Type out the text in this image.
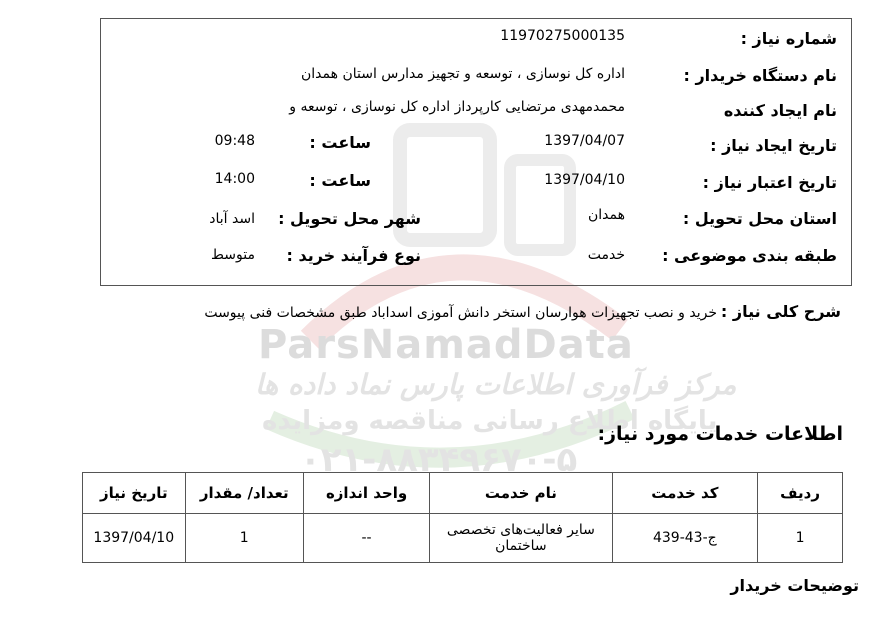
ParsNamadData
مرکز فرآوری اطلاعات پارس نماد داده ها
پایگاه اطلاع رسانی مناقصه ومزایده
۰۲۱-۸۸۳۴۹۶۷۰-۵
شماره نیاز :
11970275000135
نام دستگاه خریدار :
اداره کل نوسازی ، توسعه و تجهیز مدارس استان همدان
نام ایجاد کننده
محمدمهدی مرتضایی کارپرداز اداره کل نوسازی ، توسعه و
تاریخ ایجاد نیاز :
1397/04/07
ساعت :
09:48
تاریخ اعتبار نیاز :
1397/04/10
ساعت :
14:00
استان محل تحویل :
همدان
شهر محل تحویل :
اسد آباد
طبقه بندی موضوعی :
خدمت
نوع فرآیند خرید :
متوسط
شرح کلی نیاز :
خرید و نصب تجهیزات هوارسان استخر دانش آموزی اسداباد طبق مشخصات فنی پیوست
اطلاعات خدمات مورد نیاز:
ردیف	کد خدمت	نام خدمت	واحد اندازه	تعداد/ مقدار	تاریخ نیاز
1	ج-43-439	سایر فعالیت‌های تخصصی ساختمان	--	1	1397/04/10
توضیحات خریدار
